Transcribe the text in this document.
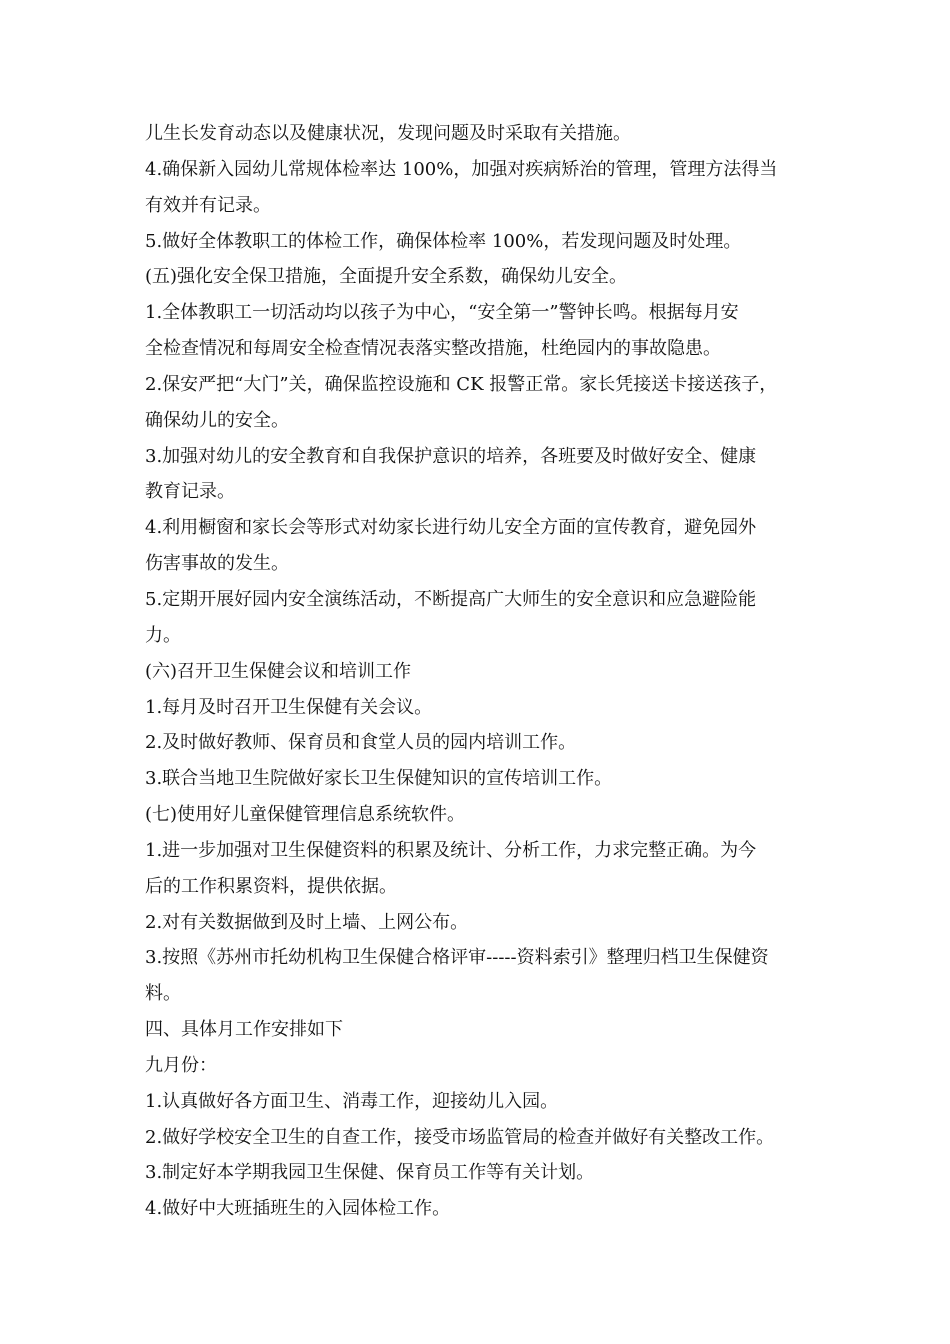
儿生长发育动态以及健康状况，发现问题及时采取有关措施。
4.确保新入园幼儿常规体检率达 100%，加强对疾病矫治的管理，管理方法得当
有效并有记录。
5.做好全体教职工的体检工作，确保体检率 100%，若发现问题及时处理。
(五)强化安全保卫措施，全面提升安全系数，确保幼儿安全。
1.全体教职工一切活动均以孩子为中心，“安全第一”警钟长鸣。根据每月安
全检查情况和每周安全检查情况表落实整改措施，杜绝园内的事故隐患。
2.保安严把“大门”关，确保监控设施和 CK 报警正常。家长凭接送卡接送孩子，
确保幼儿的安全。
3.加强对幼儿的安全教育和自我保护意识的培养，各班要及时做好安全、健康
教育记录。
4.利用橱窗和家长会等形式对幼家长进行幼儿安全方面的宣传教育，避免园外
伤害事故的发生。
5.定期开展好园内安全演练活动，不断提高广大师生的安全意识和应急避险能
力。
(六)召开卫生保健会议和培训工作
1.每月及时召开卫生保健有关会议。
2.及时做好教师、保育员和食堂人员的园内培训工作。
3.联合当地卫生院做好家长卫生保健知识的宣传培训工作。
(七)使用好儿童保健管理信息系统软件。
1.进一步加强对卫生保健资料的积累及统计、分析工作，力求完整正确。为今
后的工作积累资料，提供依据。
2.对有关数据做到及时上墙、上网公布。
3.按照《苏州市托幼机构卫生保健合格评审-----资料索引》整理归档卫生保健资
料。
四、具体月工作安排如下
九月份：
1.认真做好各方面卫生、消毒工作，迎接幼儿入园。
2.做好学校安全卫生的自查工作，接受市场监管局的检查并做好有关整改工作。
3.制定好本学期我园卫生保健、保育员工作等有关计划。
4.做好中大班插班生的入园体检工作。
